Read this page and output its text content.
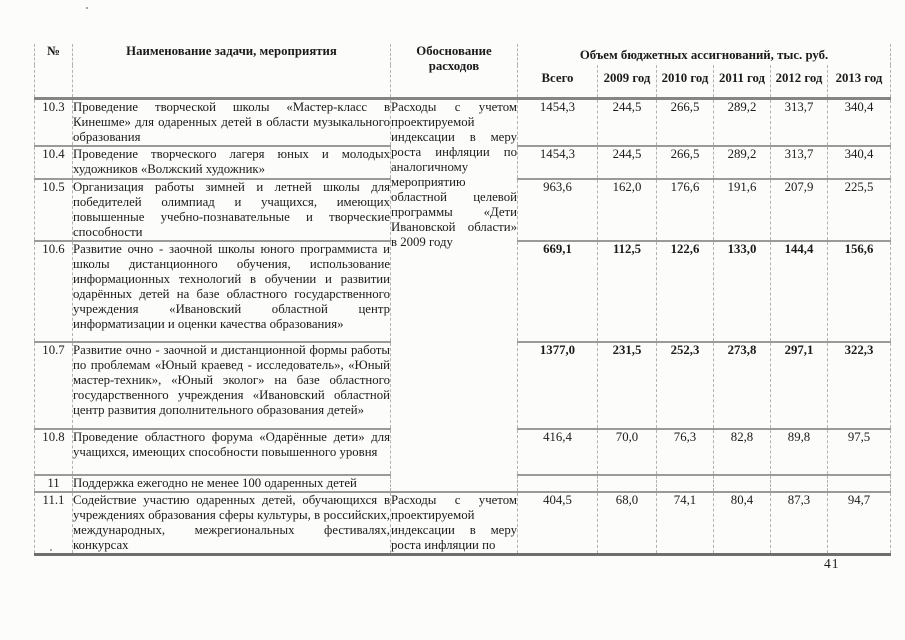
№	Наименование задачи, мероприятия	Обоснование расходов	Объем бюджетных ассигнований, тыс. руб.					
			Всего	2009 год	2010 год	2011 год	2012 год	2013 год
10.3	Проведение творческой школы «Мастер-класс в Кинешме» для одаренных детей в области музыкального образования	Расходы с учетом проектируемой индексации в меру роста инфляции по аналогичному мероприятию областной целевой программы «Дети Ивановской области» в 2009 году	1454,3	244,5	266,5	289,2	313,7	340,4
10.4	Проведение творческого лагеря юных и молодых художников «Волжский художник»		1454,3	244,5	266,5	289,2	313,7	340,4
10.5	Организация работы зимней и летней школы для победителей олимпиад и учащихся, имеющих повышенные учебно-познавательные и творческие способности		963,6	162,0	176,6	191,6	207,9	225,5
10.6	Развитие очно - заочной школы юного программиста и школы дистанционного обучения, использование информационных технологий в обучении и развитии одарённых детей на базе областного государственного учреждения «Ивановский областной центр информатизации и оценки качества образования»		669,1	112,5	122,6	133,0	144,4	156,6
10.7	Развитие очно - заочной и дистанционной формы работы по проблемам «Юный краевед - исследователь», «Юный мастер-техник», «Юный эколог» на базе областного государственного учреждения «Ивановский областной центр развития дополнительного образования детей»		1377,0	231,5	252,3	273,8	297,1	322,3
10.8	Проведение областного форума «Одарённые дети» для учащихся, имеющих способности повышенного уровня		416,4	70,0	76,3	82,8	89,8	97,5
11	Поддержка ежегодно не менее 100 одаренных детей							
11.1	Содействие участию одаренных детей, обучающихся в учреждениях образования сферы культуры, в российских, международных, межрегиональных фестивалях, конкурсах	Расходы с учетом проектируемой индексации в меру роста инфляции по	404,5	68,0	74,1	80,4	87,3	94,7
41
